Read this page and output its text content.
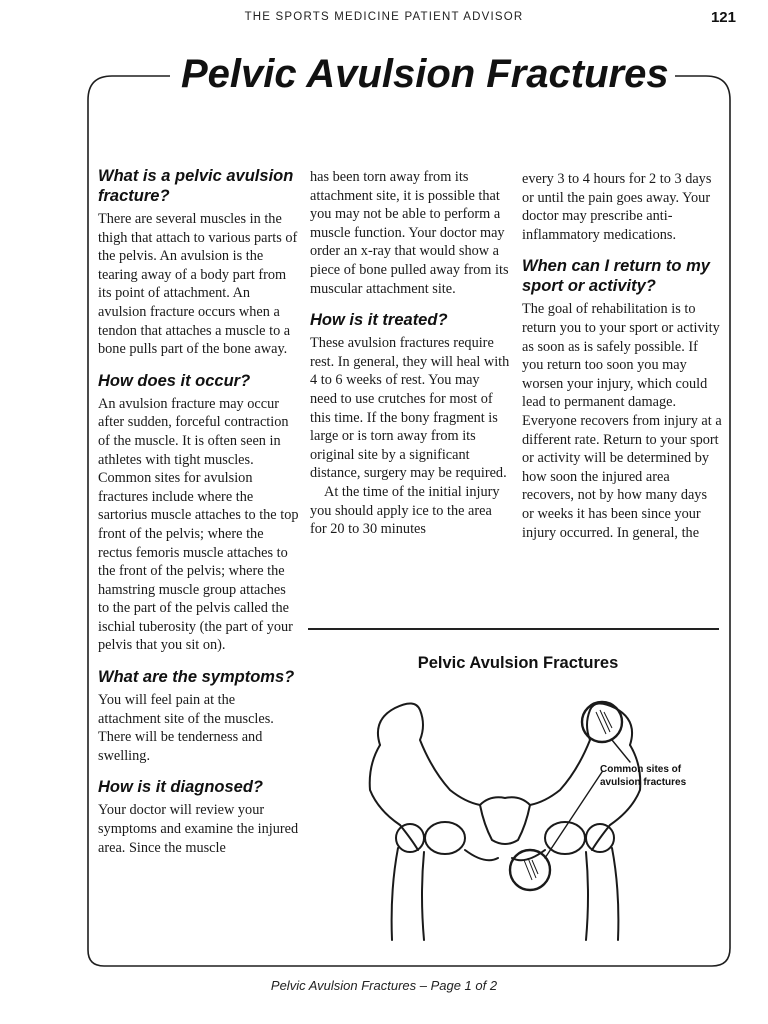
THE SPORTS MEDICINE PATIENT ADVISOR	121
Pelvic Avulsion Fractures
What is a pelvic avulsion fracture?

There are several muscles in the thigh that attach to various parts of the pelvis. An avulsion is the tearing away of a body part from its point of attachment. An avulsion fracture occurs when a tendon that attaches a muscle to a bone pulls part of the bone away.

How does it occur?

An avulsion fracture may occur after sudden, forceful contraction of the muscle. It is often seen in athletes with tight muscles. Common sites for avulsion fractures include where the sartorius muscle attaches to the top front of the pelvis; where the rectus femoris muscle attaches to the front of the pelvis; where the hamstring muscle group attaches to the part of the pelvis called the ischial tuberosity (the part of your pelvis that you sit on).

What are the symptoms?

You will feel pain at the attachment site of the muscles. There will be tenderness and swelling.

How is it diagnosed?

Your doctor will review your symptoms and examine the injured area. Since the muscle

has been torn away from its attachment site, it is possible that you may not be able to perform a muscle function. Your doctor may order an x-ray that would show a piece of bone pulled away from its muscular attachment site.

How is it treated?

These avulsion fractures require rest. In general, they will heal with 4 to 6 weeks of rest. You may need to use crutches for most of this time. If the bony fragment is large or is torn away from its original site by a significant distance, surgery may be required.

At the time of the initial injury you should apply ice to the area for 20 to 30 minutes

every 3 to 4 hours for 2 to 3 days or until the pain goes away. Your doctor may prescribe anti-inflammatory medications.

When can I return to my sport or activity?

The goal of rehabilitation is to return you to your sport or activity as soon as is safely possible. If you return too soon you may worsen your injury, which could lead to permanent damage. Everyone recovers from injury at a different rate. Return to your sport or activity will be determined by how soon the injured area recovers, not by how many days or weeks it has been since your injury occurred. In general, the

Pelvic Avulsion Fractures
Common sites of
avulsion fractures
Pelvic Avulsion Fractures – Page 1 of 2
